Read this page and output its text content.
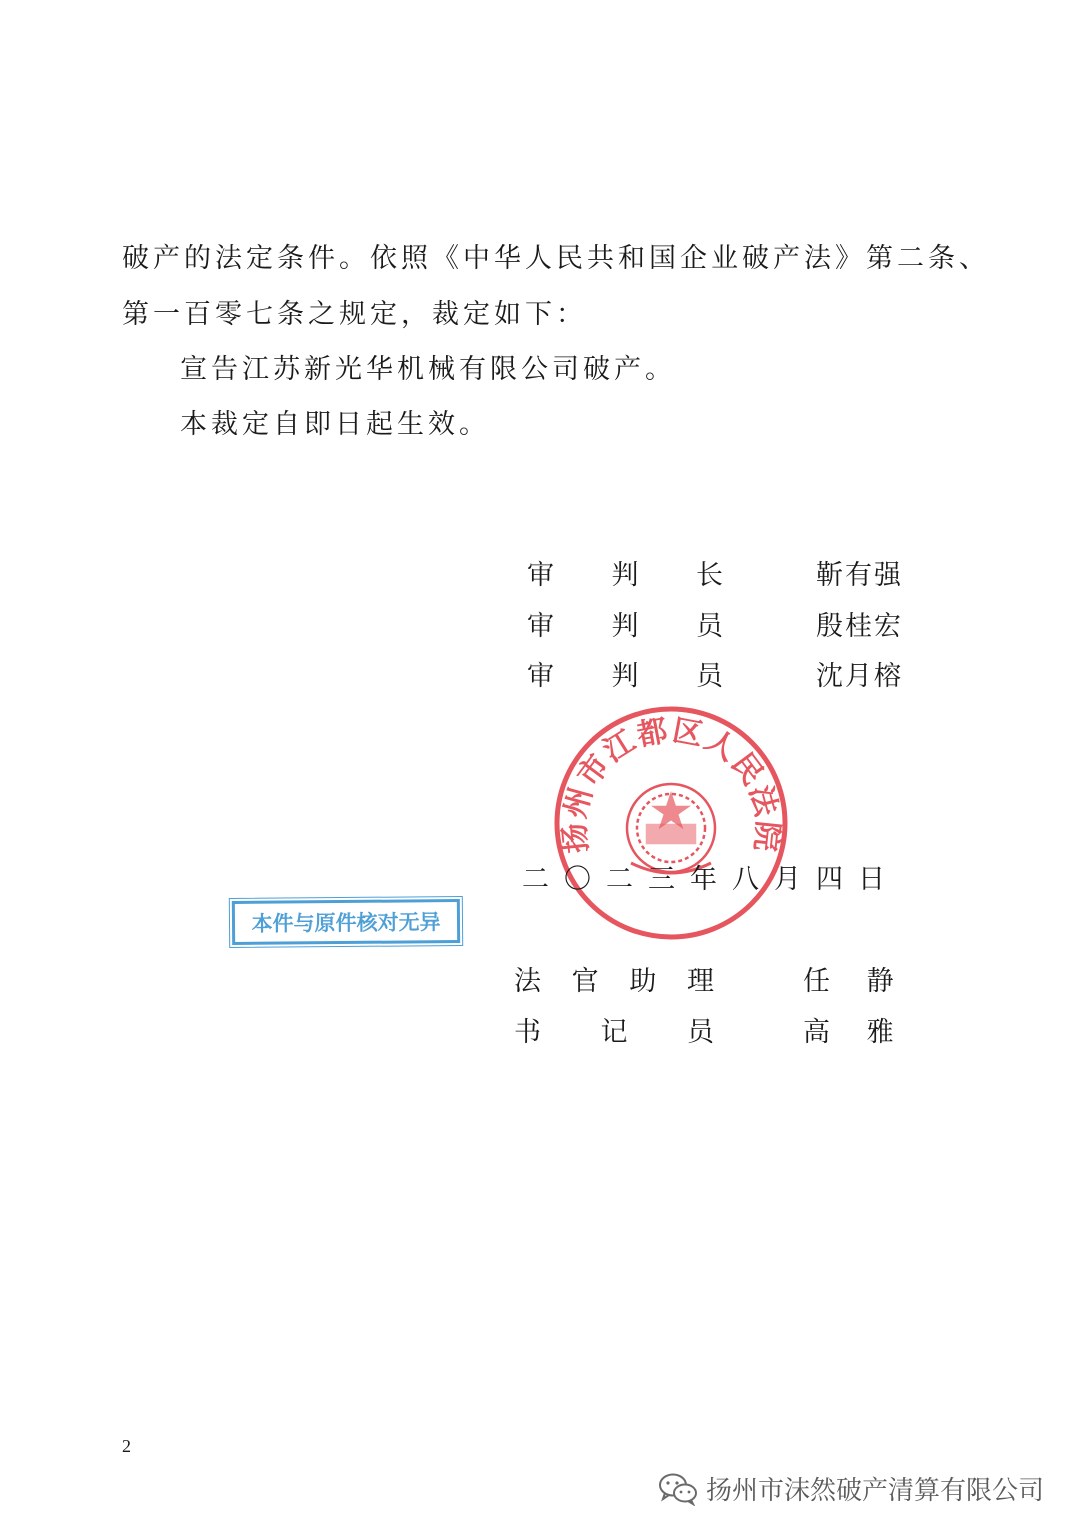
破产的法定条件。依照《中华人民共和国企业破产法》第二条、
第一百零七条之规定，裁定如下：
宣告江苏新光华机械有限公司破产。
本裁定自即日起生效。
扬州市江都区人民法院
审 判 长	靳有强
审 判 员	殷桂宏
审 判 员	沈月榕
二〇二三年八月四日
本件与原件核对无异
法 官 助 理	任 静
书 记 员	高 雅
2
扬州市沫然破产清算有限公司
